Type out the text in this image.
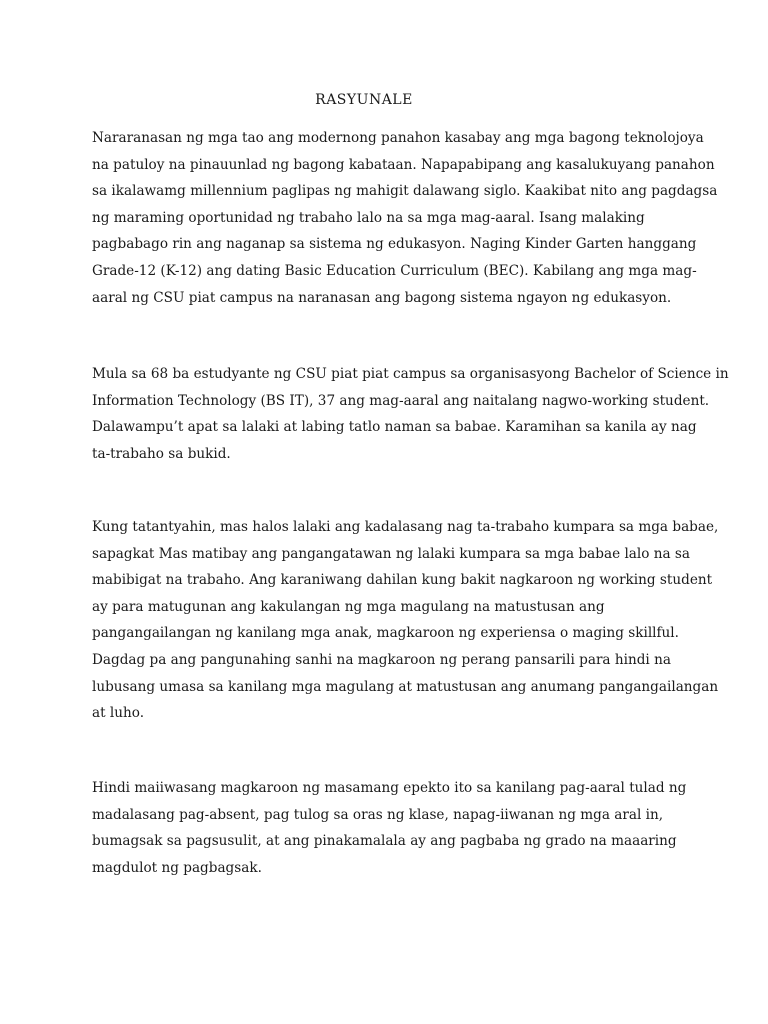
RASYUNALE
Nararanasan ng mga tao ang modernong panahon kasabay ang mga bagong teknolojoya
na patuloy na pinauunlad ng bagong kabataan. Napapabipang ang kasalukuyang panahon
sa ikalawamg millennium paglipas ng mahigit dalawang siglo. Kaakibat nito ang pagdagsa
ng maraming oportunidad ng trabaho lalo na sa mga mag-aaral. Isang malaking
pagbabago rin ang naganap sa sistema ng edukasyon. Naging Kinder Garten hanggang
Grade-12 (K-12) ang dating Basic Education Curriculum (BEC). Kabilang ang mga mag-
aaral ng CSU piat campus na naranasan ang bagong sistema ngayon ng edukasyon.
Mula sa 68 ba estudyante ng CSU piat piat campus sa organisasyong Bachelor of Science in
Information Technology (BS IT), 37 ang mag-aaral ang naitalang nagwo-working student.
Dalawampu’t apat sa lalaki at labing tatlo naman sa babae. Karamihan sa kanila ay nag
ta-trabaho sa bukid.
Kung tatantyahin, mas halos lalaki ang kadalasang nag ta-trabaho kumpara sa mga babae,
sapagkat Mas matibay ang pangangatawan ng lalaki kumpara sa mga babae lalo na sa
mabibigat na trabaho. Ang karaniwang dahilan kung bakit nagkaroon ng working student
ay para matugunan ang kakulangan ng mga magulang na matustusan ang
pangangailangan ng kanilang mga anak, magkaroon ng experiensa o maging skillful.
Dagdag pa ang pangunahing sanhi na magkaroon ng perang pansarili para hindi na
lubusang umasa sa kanilang mga magulang at matustusan ang anumang pangangailangan
at luho.
Hindi maiiwasang magkaroon ng masamang epekto ito sa kanilang pag-aaral tulad ng
madalasang pag-absent, pag tulog sa oras ng klase, napag-iiwanan ng mga aral in,
bumagsak sa pagsusulit, at ang pinakamalala ay ang pagbaba ng grado na maaaring
magdulot ng pagbagsak.
